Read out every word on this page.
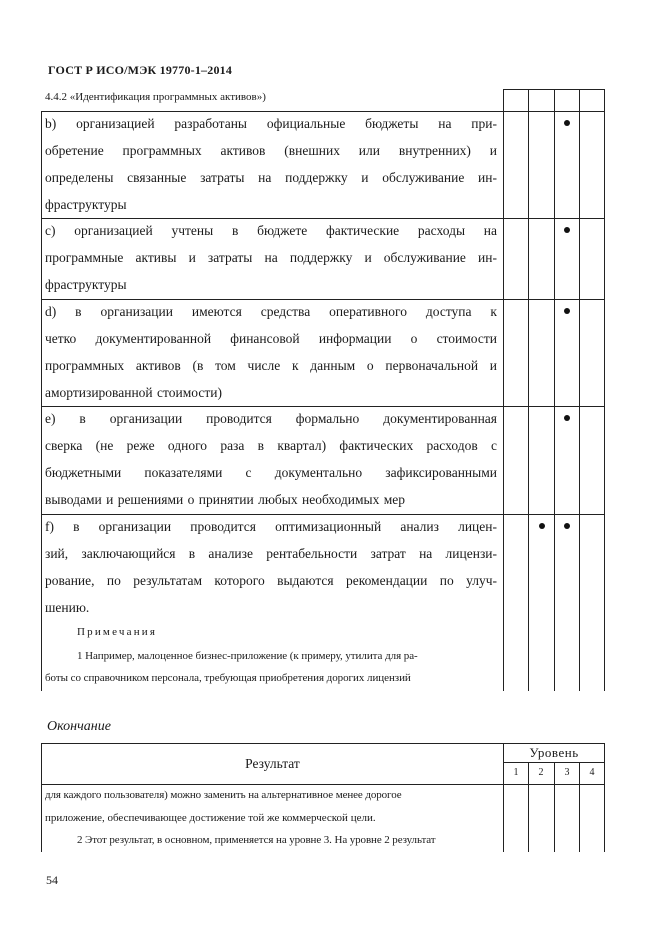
ГОСТ Р ИСО/МЭК 19770-1–2014
4.4.2 «Идентификация программных активов»)
b) организацией разработаны официальные бюджеты на при-
обретение программных активов (внешних или внутренних) и
определены связанные затраты на поддержку и обслуживание ин-
фраструктуры
c) организацией учтены в бюджете фактические расходы на
программные активы и затраты на поддержку и обслуживание ин-
фраструктуры
d) в организации имеются средства оперативного доступа к
четко документированной финансовой информации о стоимости
программных активов (в том числе к данным о первоначальной и
амортизированной стоимости)
e) в организации проводится формально документированная
сверка (не реже одного раза в квартал) фактических расходов с
бюджетными показателями с документально зафиксированными
выводами и решениями о принятии любых необходимых мер
f) в организации проводится оптимизационный анализ лицен-
зий, заключающийся в анализе рентабельности затрат на лицензи-
рование, по результатам которого выдаются рекомендации по улуч-
шению.
Примечания
1 Например, малоценное бизнес-приложение (к примеру, утилита для ра-
боты со справочником персонала, требующая приобретения дорогих лицензий
Окончание
Результат
Уровень
1	2	3	4
для каждого пользователя) можно заменить на альтернативное менее дорогое
приложение, обеспечивающее достижение той же коммерческой цели.
2 Этот результат, в основном, применяется на уровне 3. На уровне 2 результат
54
